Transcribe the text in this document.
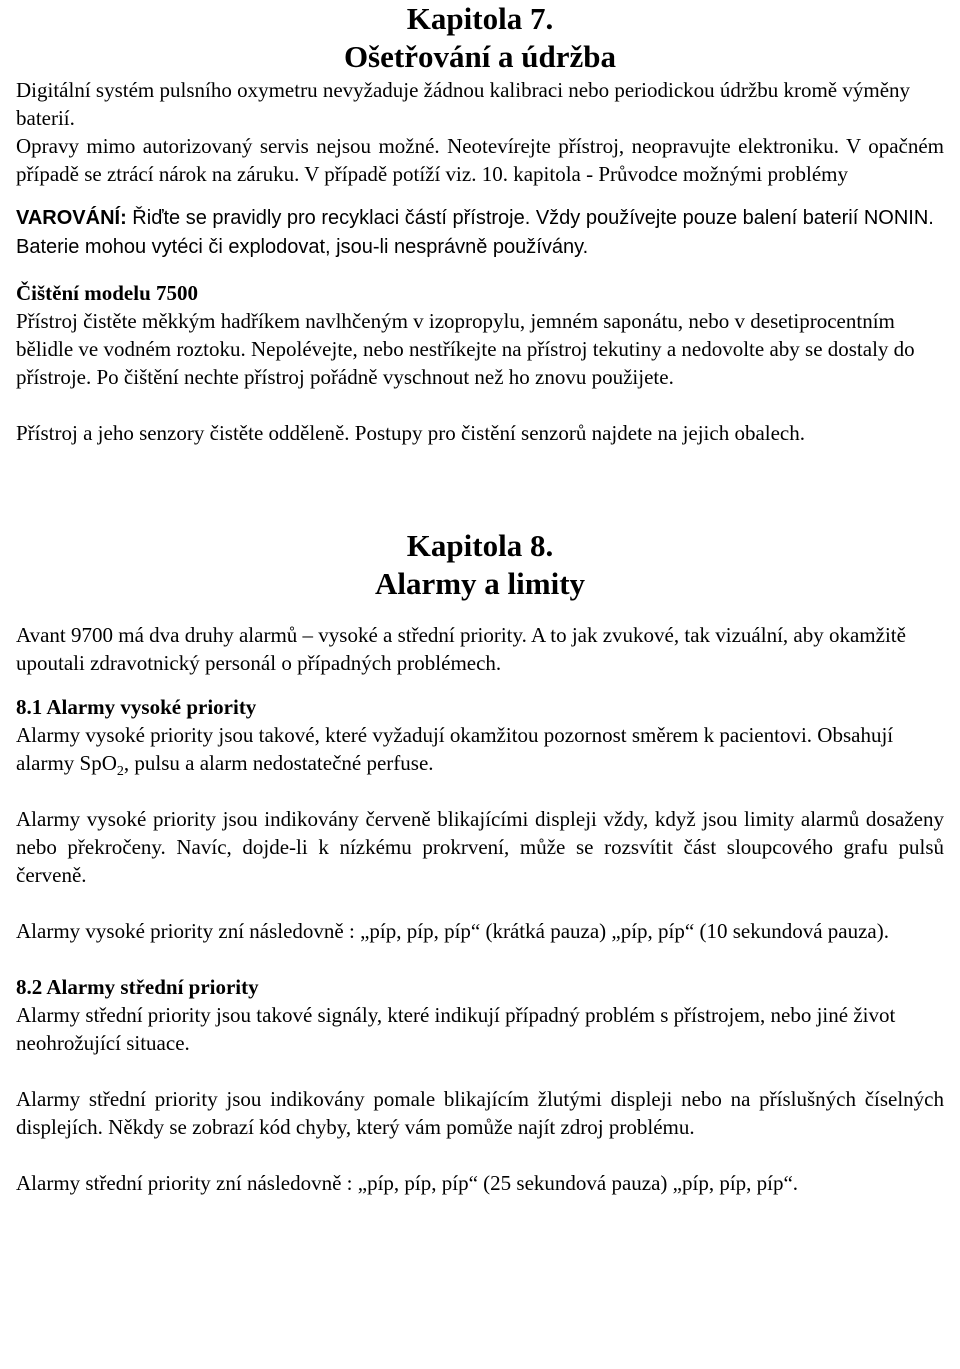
Kapitola 7.
Ošetřování a údržba

Digitální systém pulsního oxymetru nevyžaduje žádnou kalibraci nebo periodickou údržbu kromě výměny baterií.

Opravy mimo autorizovaný servis nejsou možné. Neotevírejte přístroj, neopravujte elektroniku. V opačném případě se ztrácí nárok na záruku. V případě potíží viz. 10. kapitola - Průvodce možnými problémy

VAROVÁNÍ: Řiďte se pravidly pro recyklaci částí přístroje. Vždy používejte pouze balení baterií NONIN. Baterie mohou vytéci či explodovat, jsou-li nesprávně používány.

Čištění modelu 7500

Přístroj čistěte měkkým hadříkem navlhčeným v izopropylu, jemném saponátu, nebo v desetiprocentním bělidle ve vodném roztoku. Nepolévejte, nebo nestříkejte na přístroj tekutiny a nedovolte aby se dostaly do přístroje. Po čištění nechte přístroj pořádně vyschnout než ho znovu použijete.

Přístroj a jeho senzory čistěte odděleně. Postupy pro čistění senzorů najdete na jejich obalech.

Kapitola 8.
Alarmy a limity

Avant 9700 má dva druhy alarmů – vysoké a střední priority. A to jak zvukové, tak vizuální, aby okamžitě upoutali zdravotnický personál o případných problémech.

8.1 Alarmy vysoké priority

Alarmy vysoké priority jsou takové, které vyžadují okamžitou pozornost směrem k pacientovi. Obsahují alarmy SpO$_2$, pulsu a alarm nedostatečné perfuse.

Alarmy vysoké priority jsou indikovány červeně blikajícími displeji vždy, když jsou limity alarmů dosaženy nebo překročeny. Navíc, dojde-li k nízkému prokrvení, může se rozsvítit část sloupcového grafu pulsů červeně.

Alarmy vysoké priority zní následovně : „píp, píp, píp“ (krátká pauza) „píp, píp“ (10 sekundová pauza).

8.2 Alarmy střední priority

Alarmy střední priority jsou takové signály, které indikují případný problém s přístrojem, nebo jiné život neohrožující situace.

Alarmy střední priority jsou indikovány pomale blikajícím žlutými displeji nebo na příslušných číselných displejích. Někdy se zobrazí kód chyby, který vám pomůže najít zdroj problému.

Alarmy střední priority zní následovně : „píp, píp, píp“ (25 sekundová pauza) „píp, píp, píp“.
